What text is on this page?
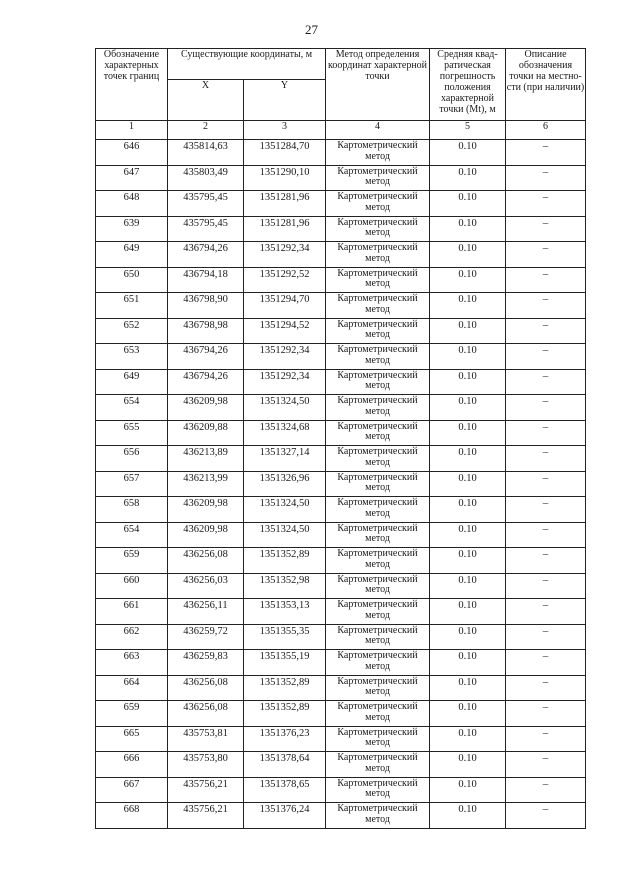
27
Обозначение характерных точек границ	Существующие координаты, м		Метод определения координат характерной точки	Средняя квад-ратическая погрешность положения характерной точки (Mt), м	Описание обозначения точки на местно-сти (при наличии)
	X	Y			
1	2	3	4	5	6
646	435814,63	1351284,70	Картометрический метод	0.10	–
647	435803,49	1351290,10	Картометрический метод	0.10	–
648	435795,45	1351281,96	Картометрический метод	0.10	–
639	435795,45	1351281,96	Картометрический метод	0.10	–
649	436794,26	1351292,34	Картометрический метод	0.10	–
650	436794,18	1351292,52	Картометрический метод	0.10	–
651	436798,90	1351294,70	Картометрический метод	0.10	–
652	436798,98	1351294,52	Картометрический метод	0.10	–
653	436794,26	1351292,34	Картометрический метод	0.10	–
649	436794,26	1351292,34	Картометрический метод	0.10	–
654	436209,98	1351324,50	Картометрический метод	0.10	–
655	436209,88	1351324,68	Картометрический метод	0.10	–
656	436213,89	1351327,14	Картометрический метод	0.10	–
657	436213,99	1351326,96	Картометрический метод	0.10	–
658	436209,98	1351324,50	Картометрический метод	0.10	–
654	436209,98	1351324,50	Картометрический метод	0.10	–
659	436256,08	1351352,89	Картометрический метод	0.10	–
660	436256,03	1351352,98	Картометрический метод	0.10	–
661	436256,11	1351353,13	Картометрический метод	0.10	–
662	436259,72	1351355,35	Картометрический метод	0.10	–
663	436259,83	1351355,19	Картометрический метод	0.10	–
664	436256,08	1351352,89	Картометрический метод	0.10	–
659	436256,08	1351352,89	Картометрический метод	0.10	–
665	435753,81	1351376,23	Картометрический метод	0.10	–
666	435753,80	1351378,64	Картометрический метод	0.10	–
667	435756,21	1351378,65	Картометрический метод	0.10	–
668	435756,21	1351376,24	Картометрический метод	0.10	–
